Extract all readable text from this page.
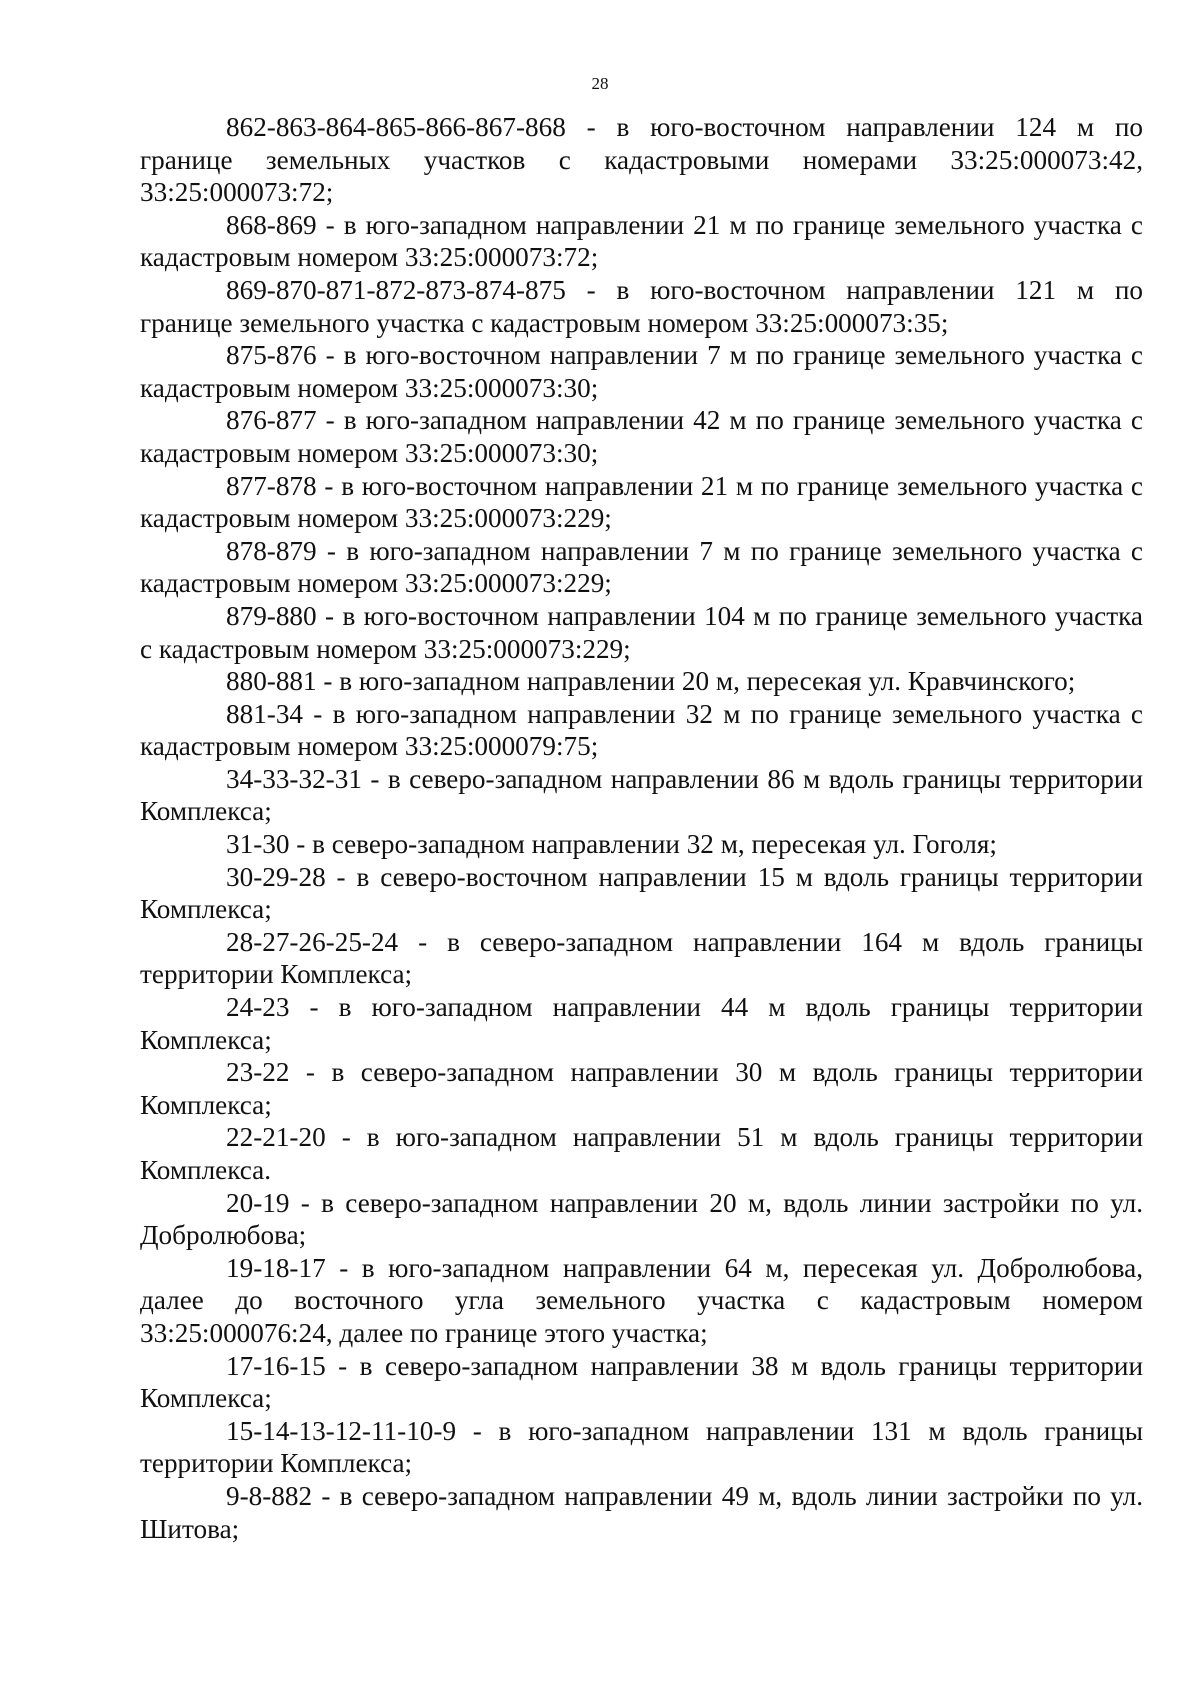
28

862-863-864-865-866-867-868 - в юго-восточном направлении 124 м по границе земельных участков с кадастровыми номерами 33:25:000073:42, 33:25:000073:72;

868-869 - в юго-западном направлении 21 м по границе земельного участка с кадастровым номером 33:25:000073:72;

869-870-871-872-873-874-875 - в юго-восточном направлении 121 м по границе земельного участка с кадастровым номером 33:25:000073:35;

875-876 - в юго-восточном направлении 7 м по границе земельного участка с кадастровым номером 33:25:000073:30;

876-877 - в юго-западном направлении 42 м по границе земельного участка с кадастровым номером 33:25:000073:30;

877-878 - в юго-восточном направлении 21 м по границе земельного участка с кадастровым номером 33:25:000073:229;

878-879 - в юго-западном направлении 7 м по границе земельного участка с кадастровым номером 33:25:000073:229;

879-880 - в юго-восточном направлении 104 м по границе земельного участка с кадастровым номером 33:25:000073:229;

880-881 - в юго-западном направлении 20 м, пересекая ул. Кравчинского;

881-34 - в юго-западном направлении 32 м по границе земельного участка с кадастровым номером 33:25:000079:75;

34-33-32-31 - в северо-западном направлении 86 м вдоль границы территории Комплекса;

31-30 - в северо-западном направлении 32 м, пересекая ул. Гоголя;

30-29-28 - в северо-восточном направлении 15 м вдоль границы территории Комплекса;

28-27-26-25-24 - в северо-западном направлении 164 м вдоль границы территории Комплекса;

24-23 - в юго-западном направлении 44 м вдоль границы территории Комплекса;

23-22 - в северо-западном направлении 30 м вдоль границы территории Комплекса;

22-21-20 - в юго-западном направлении 51 м вдоль границы территории Комплекса.

20-19 - в северо-западном направлении 20 м, вдоль линии застройки по ул. Добролюбова;

19-18-17 - в юго-западном направлении 64 м, пересекая ул. Добролюбова, далее до восточного угла земельного участка с кадастровым номером 33:25:000076:24, далее по границе этого участка;

17-16-15 - в северо-западном направлении 38 м вдоль границы территории Комплекса;

15-14-13-12-11-10-9 - в юго-западном направлении 131 м вдоль границы территории Комплекса;

9-8-882 - в северо-западном направлении 49 м, вдоль линии застройки по ул. Шитова;
